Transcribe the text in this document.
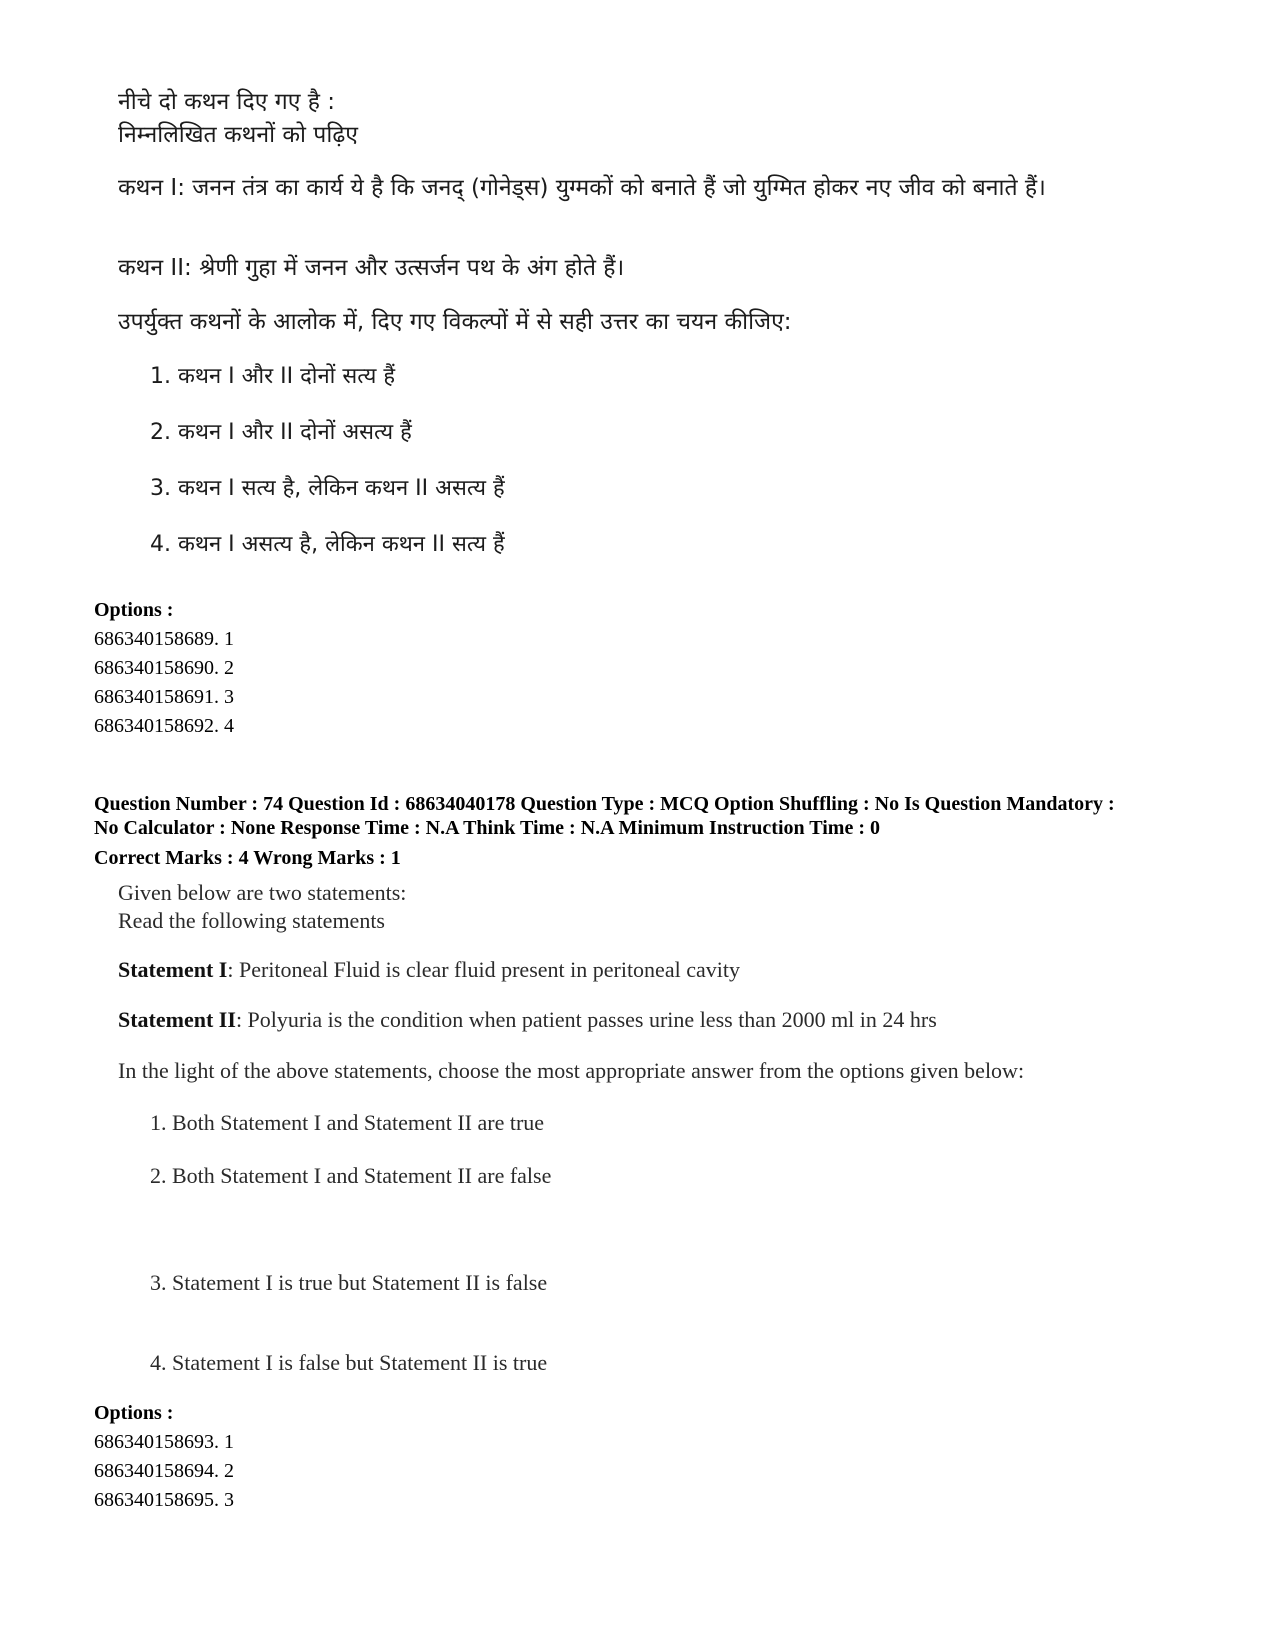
नीचे दो कथन दिए गए है :
निम्नलिखित कथनों को पढ़िए
कथन I: जनन तंत्र का कार्य ये है कि जनद् (गोनेड्स) युग्मकों को बनाते हैं जो युग्मित होकर नए जीव को बनाते हैं।
कथन II: श्रेणी गुहा में जनन और उत्सर्जन पथ के अंग होते हैं।
उपर्युक्त कथनों के आलोक में, दिए गए विकल्पों में से सही उत्तर का चयन कीजिए:
1. कथन I और II दोनों सत्य हैं
2. कथन I और II दोनों असत्य हैं
3. कथन I सत्य है, लेकिन कथन II असत्य हैं
4. कथन I असत्य है, लेकिन कथन II सत्य हैं
Options :
686340158689. 1
686340158690. 2
686340158691. 3
686340158692. 4
Question Number : 74 Question Id : 68634040178 Question Type : MCQ Option Shuffling : No Is Question Mandatory :
No Calculator : None Response Time : N.A Think Time : N.A Minimum Instruction Time : 0
Correct Marks : 4 Wrong Marks : 1
Given below are two statements:
Read the following statements
Statement I: Peritoneal Fluid is clear fluid present in peritoneal cavity
Statement II: Polyuria is the condition when patient passes urine less than 2000 ml in 24 hrs
In the light of the above statements, choose the most appropriate answer from the options given below:
1. Both Statement I and Statement II are true
2. Both Statement I and Statement II are false
3. Statement I is true but Statement II is false
4. Statement I is false but Statement II is true
Options :
686340158693. 1
686340158694. 2
686340158695. 3
